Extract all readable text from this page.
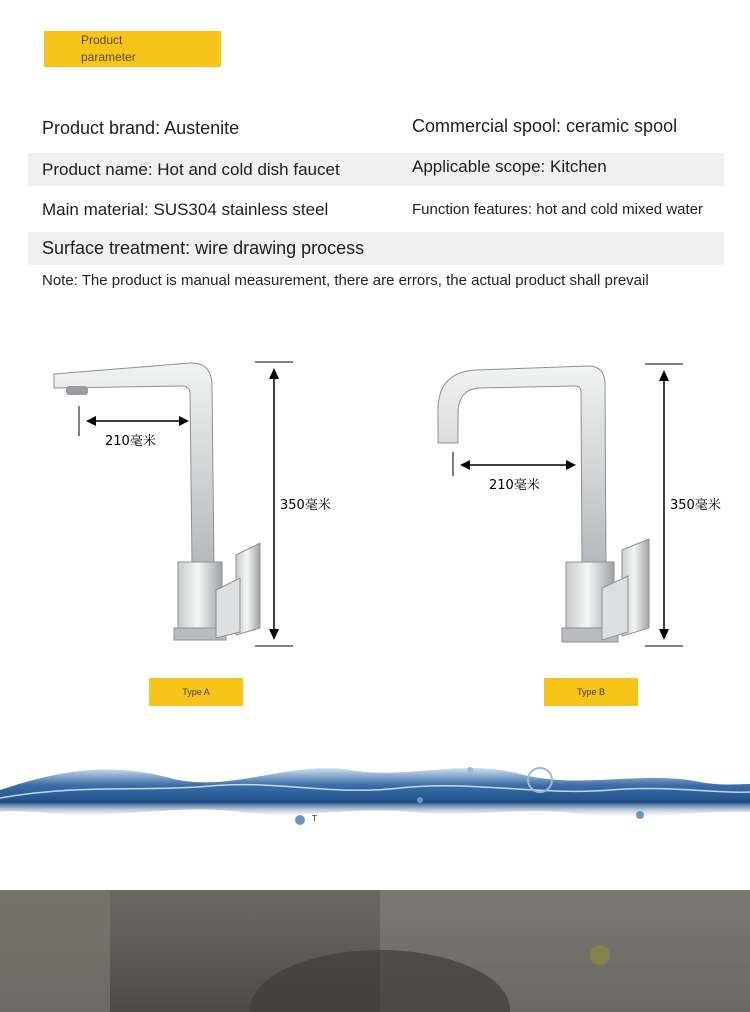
Product
parameter
Product brand: Austenite	Commercial spool: ceramic spool
Product name: Hot and cold dish faucet	Applicable scope: Kitchen
Main material: SUS304 stainless steel	Function features: hot and cold mixed water
Surface treatment: wire drawing process
Note: The product is manual measurement, there are errors, the actual product shall prevail
210毫米
350毫米
Type A
210毫米
350毫米
Type B
T
